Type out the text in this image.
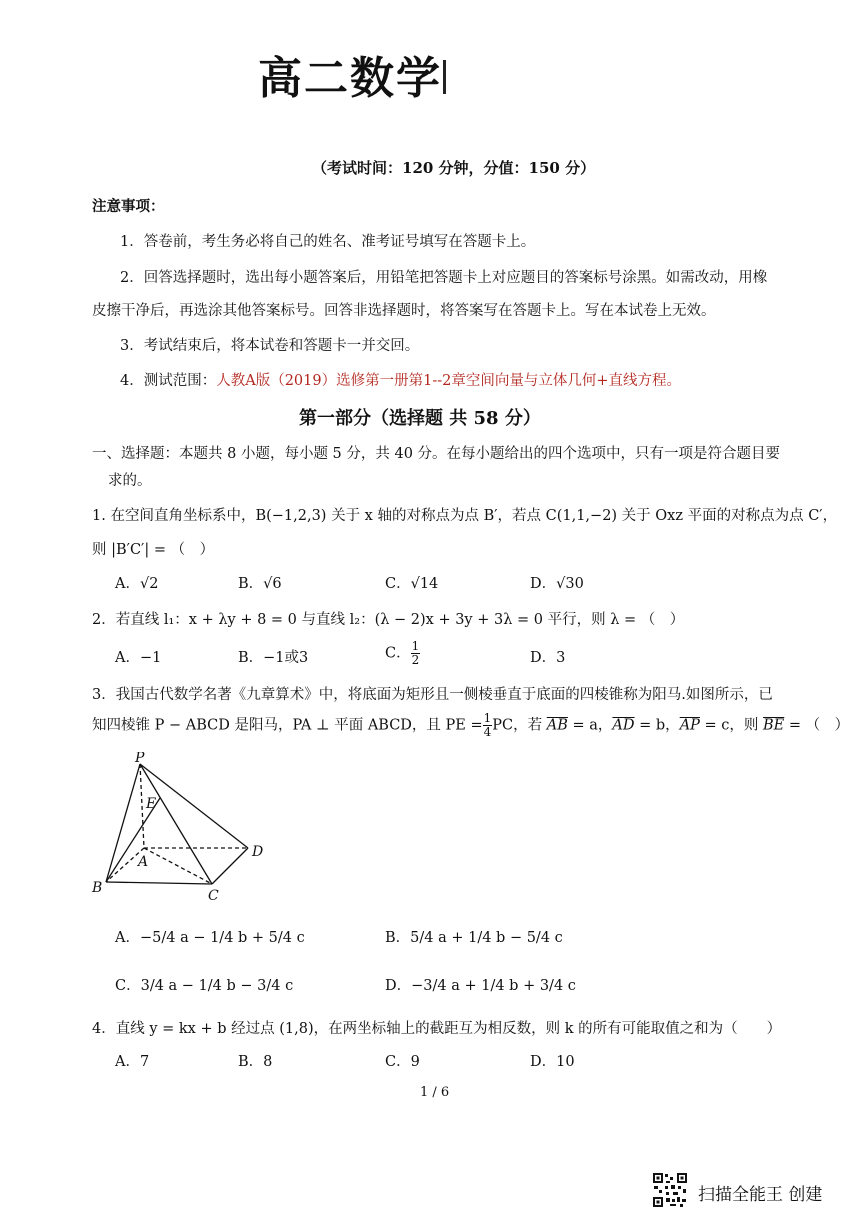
高二数学
（考试时间：120 分钟，分值：150 分）
注意事项：
1．答卷前，考生务必将自己的姓名、准考证号填写在答题卡上。
2．回答选择题时，选出每小题答案后，用铅笔把答题卡上对应题目的答案标号涂黑。如需改动，用橡
皮擦干净后，再选涂其他答案标号。回答非选择题时，将答案写在答题卡上。写在本试卷上无效。
3．考试结束后，将本试卷和答题卡一并交回。
4．测试范围：人教A版（2019）选修第一册第1--2章空间向量与立体几何+直线方程。
第一部分（选择题 共 58 分）
一、选择题：本题共 8 小题，每小题 5 分，共 40 分。在每小题给出的四个选项中，只有一项是符合题目要
求的。
1. 在空间直角坐标系中，B(−1,2,3) 关于 x 轴的对称点为点 B′，若点 C(1,1,−2) 关于 Oxz 平面的对称点为点 C′，
则 |B′C′| = （　）
A．√2	B．√6	C．√14	D．√30
2．若直线 l₁：x + λy + 8 = 0 与直线 l₂：(λ − 2)x + 3y + 3λ = 0 平行，则 λ = （　）
A．−1	B．−1或3	C． $\frac{1}{2}$	D．3
3．我国古代数学名著《九章算术》中，将底面为矩形且一侧棱垂直于底面的四棱锥称为阳马.如图所示，已
知四棱锥 P − ABCD 是阳马，PA ⊥ 平面 ABCD，且 PE = $\frac{1}{4}$ PC，若 $\overline{AB} = a$，$\overline{AD} = b$，$\overline{AP} = c$，则 $\overline{BE}$ = （　）
P
E
A
B	C
D
A．−5/4 a − 1/4 b + 5/4 c	B．5/4 a + 1/4 b − 5/4 c
C．3/4 a − 1/4 b − 3/4 c	D．−3/4 a + 1/4 b + 3/4 c
4．直线 y = kx + b 经过点 (1,8)，在两坐标轴上的截距互为相反数，则 k 的所有可能取值之和为（　　）
A．7	B．8	C．9	D．10
1 / 6
扫描全能王 创建
